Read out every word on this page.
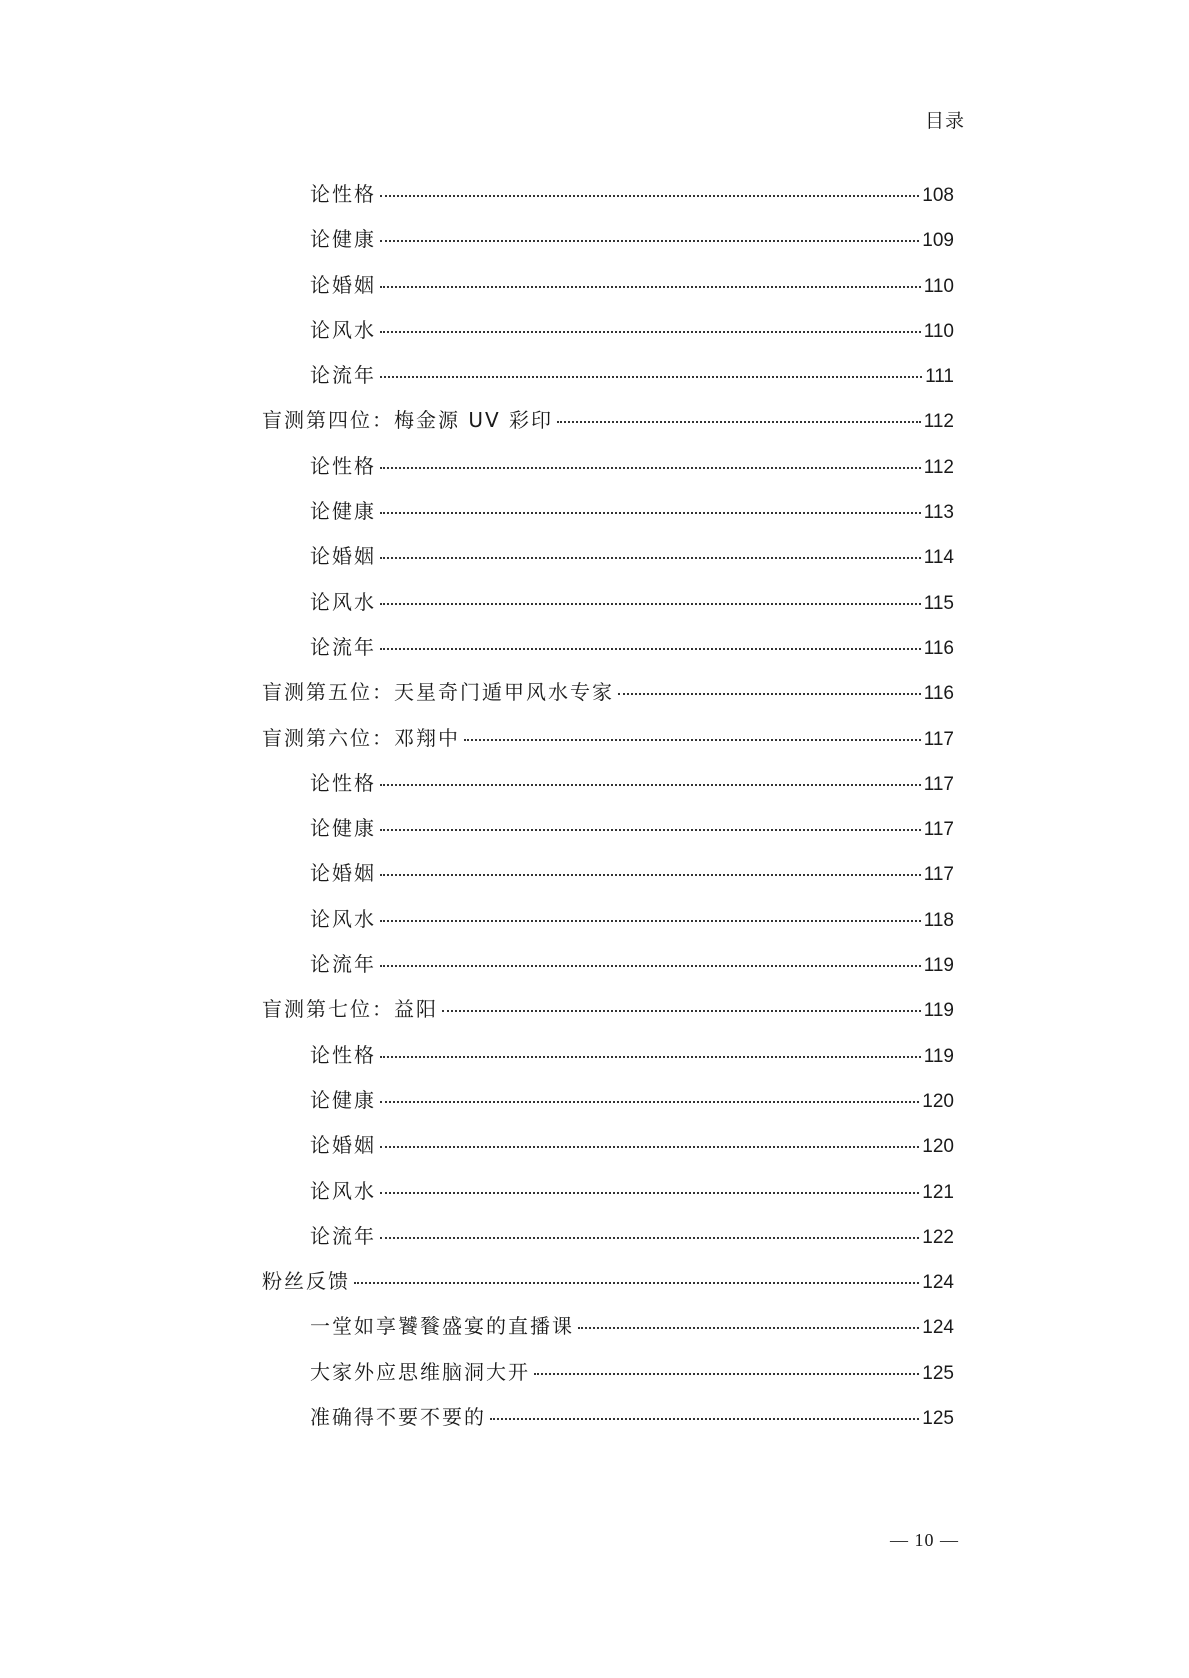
目录
论性格	108
论健康	109
论婚姻	110
论风水	110
论流年	111
盲测第四位：梅金源 UV 彩印	112
论性格	112
论健康	113
论婚姻	114
论风水	115
论流年	116
盲测第五位：天星奇门遁甲风水专家	116
盲测第六位：邓翔中	117
论性格	117
论健康	117
论婚姻	117
论风水	118
论流年	119
盲测第七位：益阳	119
论性格	119
论健康	120
论婚姻	120
论风水	121
论流年	122
粉丝反馈	124
一堂如享饕餮盛宴的直播课	124
大家外应思维脑洞大开	125
准确得不要不要的	125
— 10 —
